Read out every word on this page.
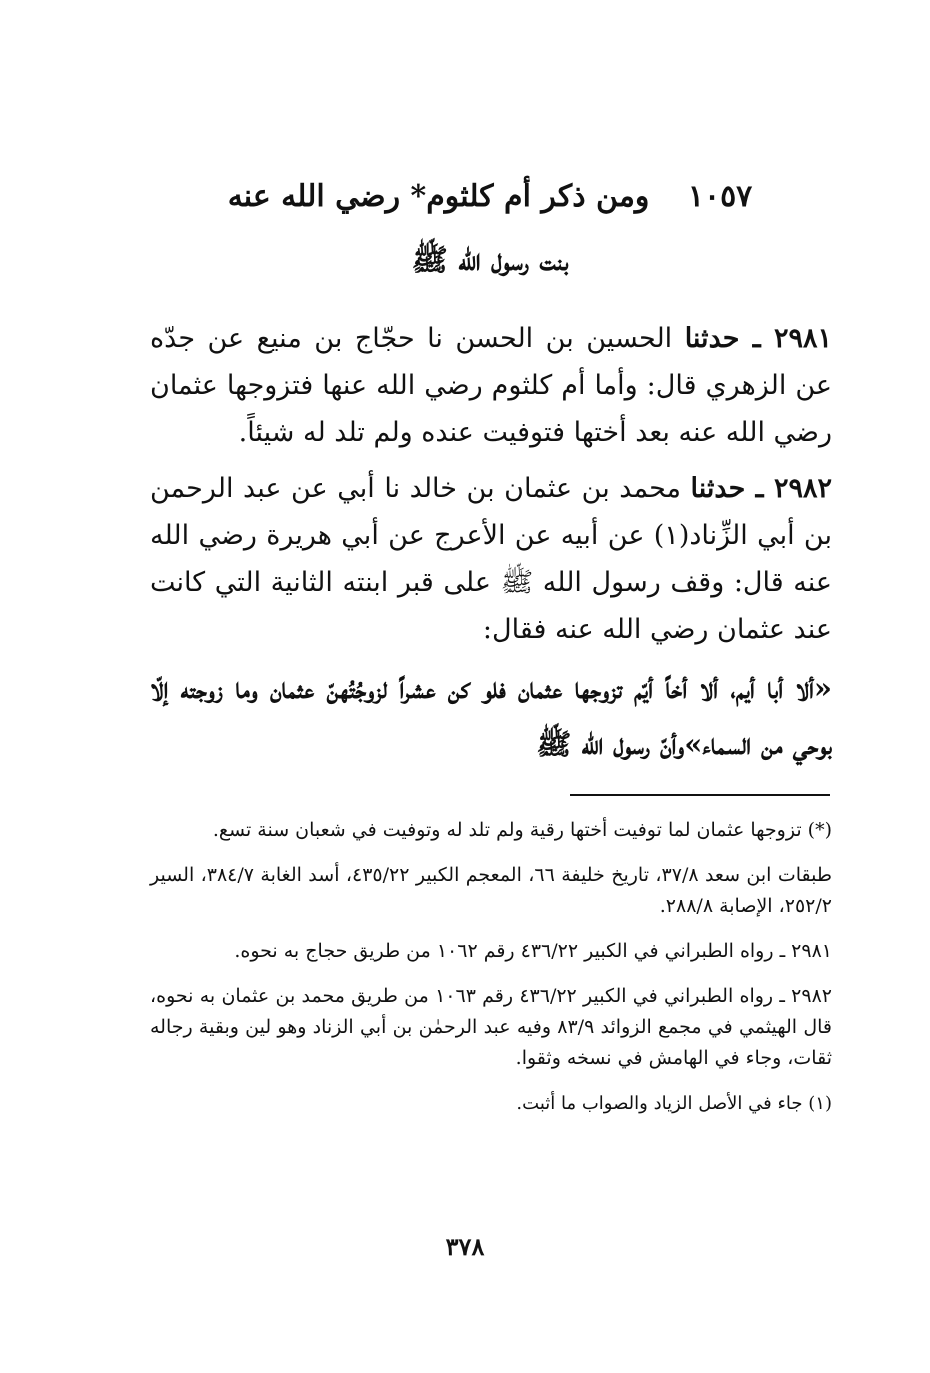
١٠٥٧ ومن ذكر أم كلثوم* رضي الله عنه
بنت رسول الله ﷺ
٢٩٨١ ـ حدثنا الحسين بن الحسن نا حجّاج بن منيع عن جدّه عن الزهري قال: وأما أم كلثوم رضي الله عنها فتزوجها عثمان رضي الله عنه بعد أختها فتوفيت عنده ولم تلد له شيئاً.
٢٩٨٢ ـ حدثنا محمد بن عثمان بن خالد نا أبي عن عبد الرحمن بن أبي الزِّناد(١) عن أبيه عن الأعرج عن أبي هريرة رضي الله عنه قال: وقف رسول الله ﷺ على قبر ابنته الثانية التي كانت عند عثمان رضي الله عنه فقال:
«ألا أبا أيم، ألا أخاً أيّم تزوجها عثمان فلو كن عشراً لزوجُتُهنّ عثمان وما زوجته إلّا بوحي من السماء»وأنّ رسول الله ﷺ

(*) تزوجها عثمان لما توفيت أختها رقية ولم تلد له وتوفيت في شعبان سنة تسع.

طبقات ابن سعد ٣٧/٨، تاريخ خليفة ٦٦، المعجم الكبير ٤٣٥/٢٢، أسد الغابة ٣٨٤/٧، السير ٢٥٢/٢، الإصابة ٢٨٨/٨.

٢٩٨١ ـ رواه الطبراني في الكبير ٤٣٦/٢٢ رقم ١٠٦٢ من طريق حجاج به نحوه.

٢٩٨٢ ـ رواه الطبراني في الكبير ٤٣٦/٢٢ رقم ١٠٦٣ من طريق محمد بن عثمان به نحوه، قال الهيثمي في مجمع الزوائد ٨٣/٩ وفيه عبد الرحمٰن بن أبي الزناد وهو لين وبقية رجاله ثقات، وجاء في الهامش في نسخه وثقوا.

(١) جاء في الأصل الزياد والصواب ما أثبت.

٣٧٨
